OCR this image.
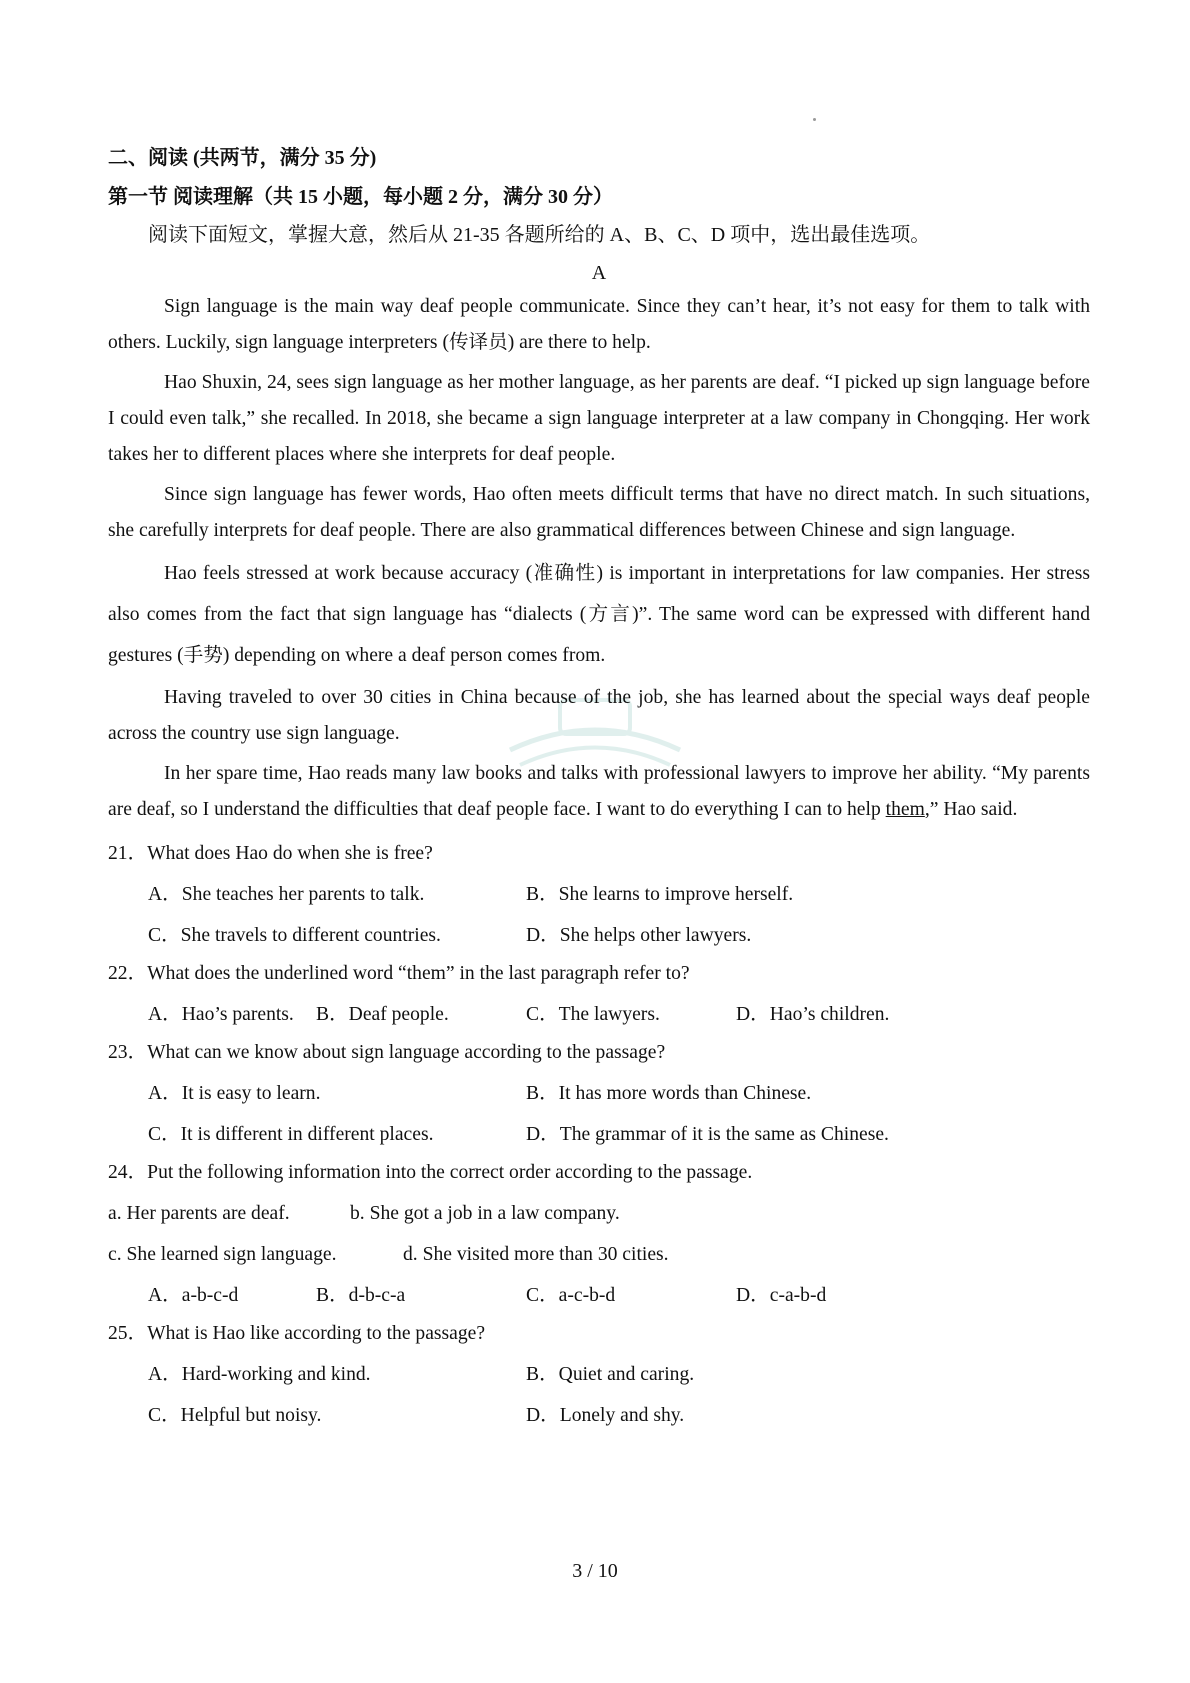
二、阅读 (共两节，满分 35 分)

第一节 阅读理解（共 15 小题，每小题 2 分，满分 30 分）

阅读下面短文，掌握大意，然后从 21-35 各题所给的 A、B、C、D 项中，选出最佳选项。

A

Sign language is the main way deaf people communicate. Since they can’t hear, it’s not easy for them to talk with others. Luckily, sign language interpreters (传译员) are there to help.

Hao Shuxin, 24, sees sign language as her mother language, as her parents are deaf. “I picked up sign language before I could even talk,” she recalled. In 2018, she became a sign language interpreter at a law company in Chongqing. Her work takes her to different places where she interprets for deaf people.

Since sign language has fewer words, Hao often meets difficult terms that have no direct match. In such situations, she carefully interprets for deaf people. There are also grammatical differences between Chinese and sign language.

Hao feels stressed at work because accuracy (准确性) is important in interpretations for law companies. Her stress also comes from the fact that sign language has “dialects (方言)”. The same word can be expressed with different hand gestures (手势) depending on where a deaf person comes from.

Having traveled to over 30 cities in China because of the job, she has learned about the special ways deaf people across the country use sign language.

In her spare time, Hao reads many law books and talks with professional lawyers to improve her ability. “My parents are deaf, so I understand the difficulties that deaf people face. I want to do everything I can to help them,” Hao said.

21．What does Hao do when she is free?

A．She teaches her parents to talk.	B．She learns to improve herself.
C．She travels to different countries.	D．She helps other lawyers.

22．What does the underlined word “them” in the last paragraph refer to?

A．Hao’s parents.	B．Deaf people.	C．The lawyers.	D．Hao’s children.

23．What can we know about sign language according to the passage?

A．It is easy to learn.	B．It has more words than Chinese.
C．It is different in different places.	D．The grammar of it is the same as Chinese.

24．Put the following information into the correct order according to the passage.

a. Her parents are deaf.	b. She got a job in a law company.
c. She learned sign language.	d. She visited more than 30 cities.
A．a-b-c-d	B．d-b-c-a	C．a-c-b-d	D．c-a-b-d

25．What is Hao like according to the passage?

A．Hard-working and kind.	B．Quiet and caring.
C．Helpful but noisy.	D．Lonely and shy.
3 / 10
